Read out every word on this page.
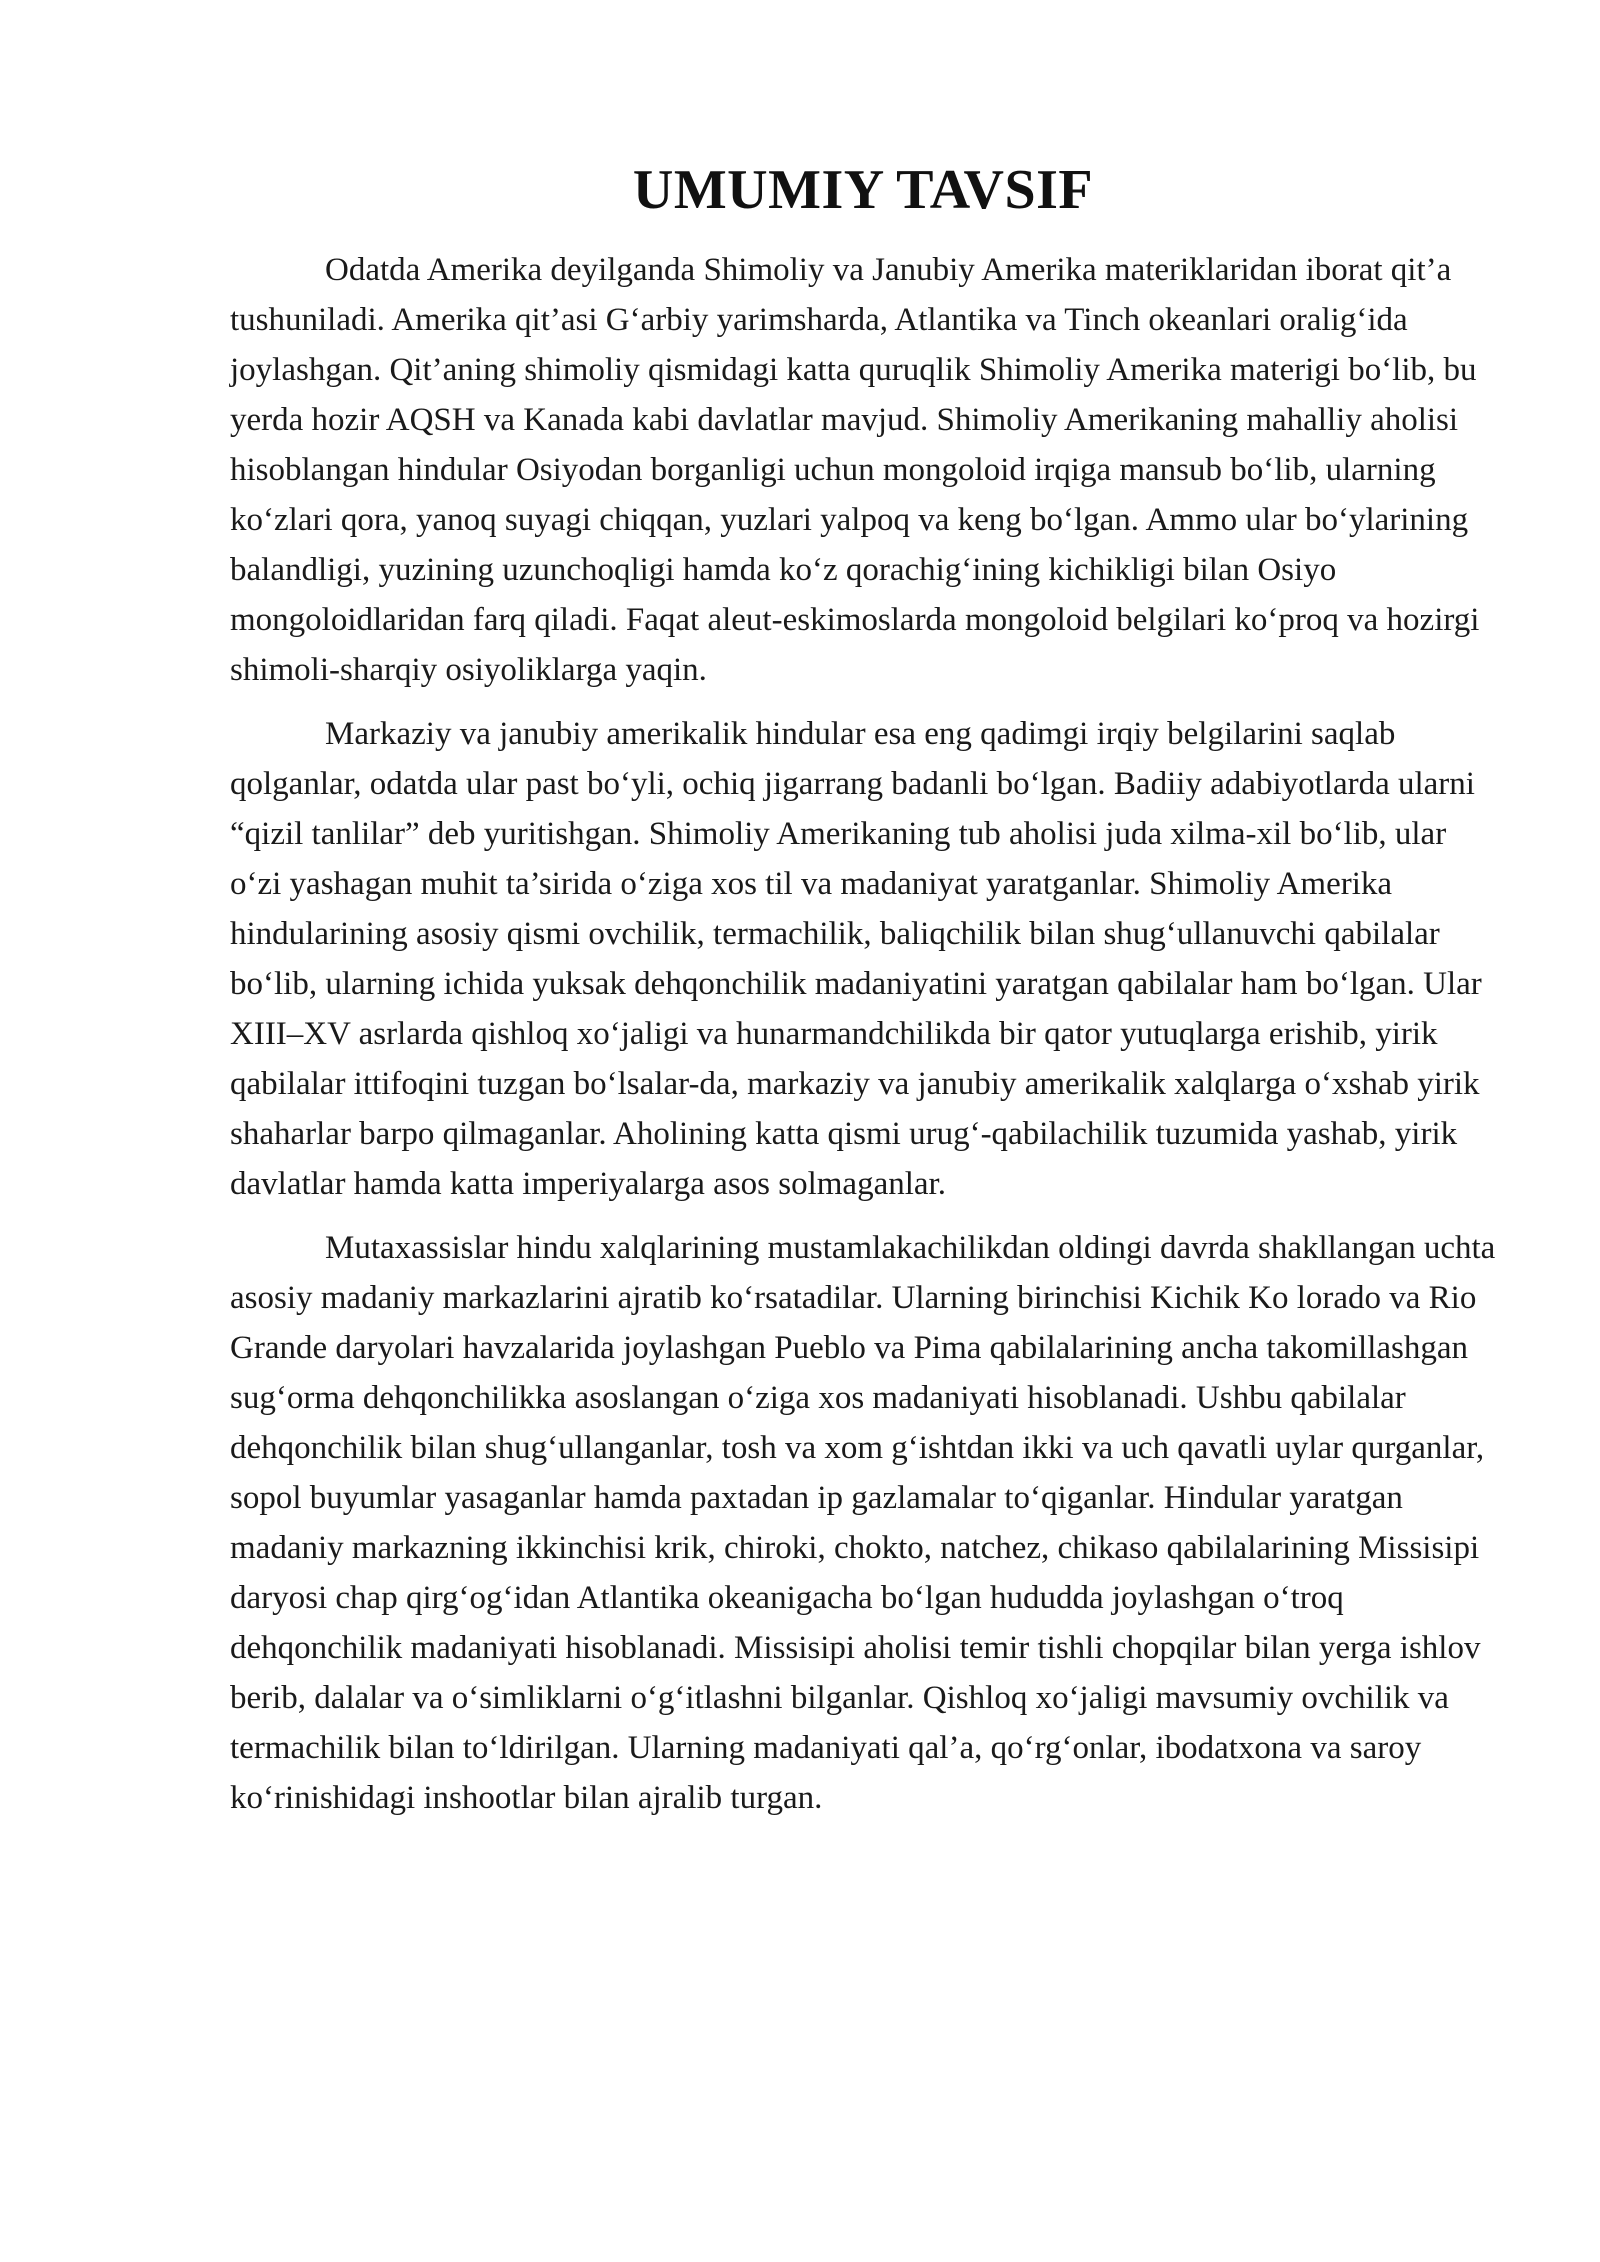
UMUMIY TAVSIF

Odatda Amerika deyilganda Shimoliy va Janubiy Amerika materiklaridan iborat qit’a tushuniladi. Amerika qit’asi G‘arbiy yarimsharda, Atlantika va Tinch okeanlari oralig‘ida joylashgan. Qit’aning shimoliy qismidagi katta quruqlik Shimoliy Amerika materigi bo‘lib, bu yerda hozir AQSH va Kanada kabi davlatlar mavjud. Shimoliy Amerikaning mahalliy aholisi hisoblangan hindular Osiyodan borganligi uchun mongoloid irqiga mansub bo‘lib, ularning ko‘zlari qora, yanoq suyagi chiqqan, yuzlari yalpoq va keng bo‘lgan. Ammo ular bo‘ylarining balandligi, yuzining uzunchoqligi hamda ko‘z qorachig‘ining kichikligi bilan Osiyo mongoloidlaridan farq qiladi. Faqat aleut-eskimoslarda mongoloid belgilari ko‘proq va hozirgi shimoli-sharqiy osiyoliklarga yaqin.

Markaziy va janubiy amerikalik hindular esa eng qadimgi irqiy belgilarini saqlab qolganlar, odatda ular past bo‘yli, ochiq jigarrang badanli bo‘lgan. Badiiy adabiyotlarda ularni “qizil tanlilar” deb yuritishgan. Shimoliy Amerikaning tub aholisi juda xilma-xil bo‘lib, ular o‘zi yashagan muhit ta’sirida o‘ziga xos til va madaniyat yaratganlar. Shimoliy Amerika hindularining asosiy qismi ovchilik, termachilik, baliqchilik bilan shug‘ullanuvchi qabilalar bo‘lib, ularning ichida yuksak dehqonchilik madaniyatini yaratgan qabilalar ham bo‘lgan. Ular XIII–XV asrlarda qishloq xo‘jaligi va hunarmandchilikda bir qator yutuqlarga erishib, yirik qabilalar ittifoqini tuzgan bo‘lsalar-da, markaziy va janubiy amerikalik xalqlarga o‘xshab yirik shaharlar barpo qilmaganlar. Aholining katta qismi urug‘-qabilachilik tuzumida yashab, yirik davlatlar hamda katta imperiyalarga asos solmaganlar.

Mutaxassislar hindu xalqlarining mustamlakachilikdan oldingi davrda shakllangan uchta asosiy madaniy markazlarini ajratib ko‘rsatadilar. Ularning birinchisi Kichik Ko lorado va Rio Grande daryolari havzalarida joylashgan Pueblo va Pima qabilalarining ancha takomillashgan sug‘orma dehqonchilikka asoslangan o‘ziga xos madaniyati hisoblanadi. Ushbu qabilalar dehqonchilik bilan shug‘ullanganlar, tosh va xom g‘ishtdan ikki va uch qavatli uylar qurganlar, sopol buyumlar yasaganlar hamda paxtadan ip gazlamalar to‘qiganlar. Hindular yaratgan madaniy markazning ikkinchisi krik, chiroki, chokto, natchez, chikaso qabilalarining Missisipi daryosi chap qirg‘og‘idan Atlantika okeanigacha bo‘lgan hududda joylashgan o‘troq dehqonchilik madaniyati hisoblanadi. Missisipi aholisi temir tishli chopqilar bilan yerga ishlov berib, dalalar va o‘simliklarni o‘g‘itlashni bilganlar. Qishloq xo‘jaligi mavsumiy ovchilik va termachilik bilan to‘ldirilgan. Ularning madaniyati qal’a, qo‘rg‘onlar, ibodatxona va saroy ko‘rinishidagi inshootlar bilan ajralib turgan.
